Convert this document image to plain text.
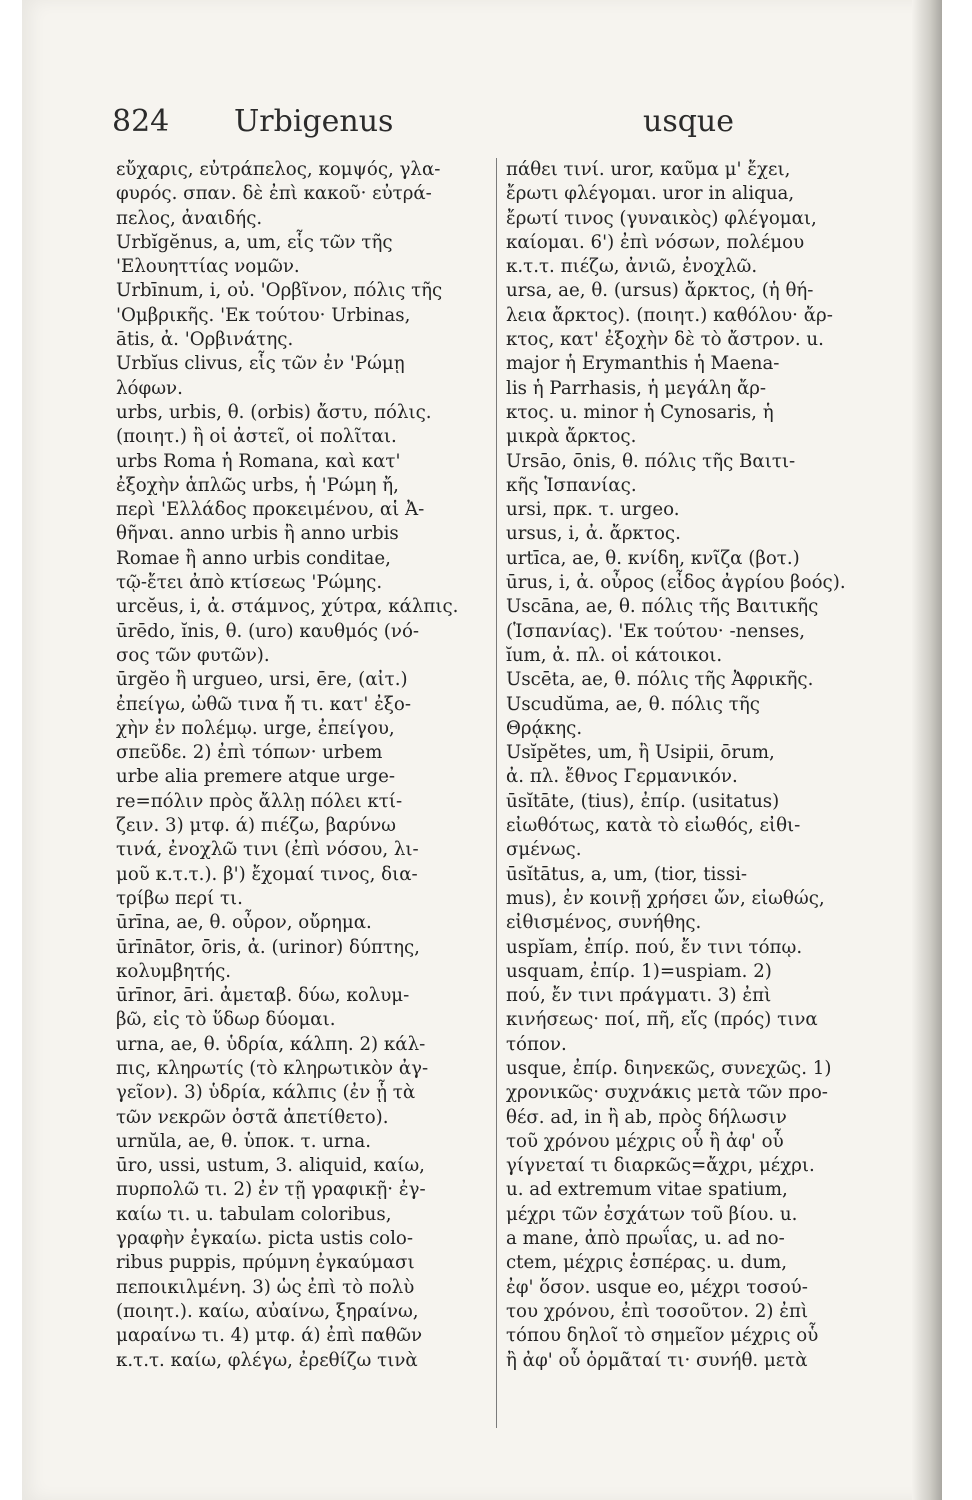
824 Urbigenus	usque
εὔχαρις, εὐτράπελος, κομψός, γλα-
φυρός. σπαν. δὲ ἐπὶ κακοῦ· εὐτρά-
πελος, ἀναιδής.
Urbĭgĕnus, a, um, εἷς τῶν τῆς
'Ελουηττίας νομῶν.
Urbīnum, i, οὐ. 'Ορβῖνον, πόλις τῆς
'Ομβρικῆς. 'Εκ τούτου· Urbinas,
ātis, ἀ. 'Ορβινάτης.
Urbĭus clivus, εἷς τῶν ἐν 'Ρώμῃ
λόφων.
urbs, urbis, θ. (orbis) ἄστυ, πόλις.
(ποιητ.) ἢ οἱ ἀστεῖ, οἱ πολῖται.
urbs Roma ἡ Romana, καὶ κατ'
ἐξοχὴν ἁπλῶς urbs, ἡ 'Ρώμη ἤ,
περὶ 'Ελλάδος προκειμένου, αἱ Ἀ-
θῆναι. anno urbis ἢ anno urbis
Romae ἢ anno urbis conditae,
τῷ-ἔτει ἀπὸ κτίσεως 'Ρώμης.
urcĕus, i, ἀ. στάμνος, χύτρα, κάλπις.
ūrēdo, ĭnis, θ. (uro) καυθμός (νό-
σος τῶν φυτῶν).
ūrgĕo ἢ urgueo, ursi, ēre, (αἰτ.)
ἐπείγω, ὠθῶ τινα ἤ τι. κατ' ἐξο-
χὴν ἐν πολέμῳ. urge, ἐπείγου,
σπεῦδε. 2) ἐπὶ τόπων· urbem
urbe alia premere atque urge-
re=πόλιν πρὸς ἄλλῃ πόλει κτί-
ζειν. 3) μτφ. ά) πιέζω, βαρύνω
τινά, ἐνοχλῶ τινι (ἐπὶ νόσου, λι-
μοῦ κ.τ.τ.). β') ἔχομαί τινος, δια-
τρίβω περί τι.
ūrīna, ae, θ. οὖρον, οὔρημα.
ūrīnātor, ōris, ἀ. (urinor) δύπτης,
κολυμβητής.
ūrīnor, āri. ἀμεταβ. δύω, κολυμ-
βῶ, εἰς τὸ ὕδωρ δύομαι.
urna, ae, θ. ὑδρία, κάλπη. 2) κάλ-
πις, κληρωτίς (τὸ κληρωτικὸν ἀγ-
γεῖον). 3) ὑδρία, κάλπις (ἐν ᾗ τὰ
τῶν νεκρῶν ὀστᾶ ἀπετίθετο).
urnŭla, ae, θ. ὑποκ. τ. urna.
ūro, ussi, ustum, 3. aliquid, καίω,
πυρπολῶ τι. 2) ἐν τῇ γραφικῇ· ἐγ-
καίω τι. u. tabulam coloribus,
γραφὴν ἐγκαίω. picta ustis colo-
ribus puppis, πρύμνη ἐγκαύμασι
πεποικιλμένη. 3) ὡς ἐπὶ τὸ πολὺ
(ποιητ.). καίω, αὐαίνω, ξηραίνω,
μαραίνω τι. 4) μτφ. ά) ἐπὶ παθῶν
κ.τ.τ. καίω, φλέγω, ἐρεθίζω τινὰ
πάθει τινί. uror, καῦμα μ' ἔχει,
ἔρωτι φλέγομαι. uror in aliqua,
ἔρωτί τινος (γυναικὸς) φλέγομαι,
καίομαι. 6') ἐπὶ νόσων, πολέμου
κ.τ.τ. πιέζω, ἀνιῶ, ἐνοχλῶ.
ursa, ae, θ. (ursus) ἄρκτος, (ἡ θή-
λεια ἄρκτος). (ποιητ.) καθόλου· ἄρ-
κτος, κατ' ἐξοχὴν δὲ τὸ ἄστρον. u.
major ἡ Erymanthis ἡ Maena-
lis ἡ Parrhasis, ἡ μεγάλη ἄρ-
κτος. u. minor ἡ Cynosaris, ἡ
μικρὰ ἄρκτος.
Ursāo, ōnis, θ. πόλις τῆς Βαιτι-
κῆς Ἱσπανίας.
ursi, πρκ. τ. urgeo.
ursus, i, ἀ. ἄρκτος.
urtīca, ae, θ. κνίδη, κνῖζα (βοτ.)
ūrus, i, ἀ. οὖρος (εἶδος ἀγρίου βοός).
Uscāna, ae, θ. πόλις τῆς Βαιτικῆς
(Ἱσπανίας). 'Εκ τούτου· -nenses,
ĭum, ἀ. πλ. οἱ κάτοικοι.
Uscēta, ae, θ. πόλις τῆς Ἀφρικῆς.
Uscudŭma, ae, θ. πόλις τῆς
Θρᾴκης.
Usĭpĕtes, um, ἢ Usipii, ōrum,
ἀ. πλ. ἔθνος Γερμανικόν.
ūsĭtāte, (tius), ἐπίρ. (usitatus)
εἰωθότως, κατὰ τὸ εἰωθός, εἰθι-
σμένως.
ūsĭtātus, a, um, (tior, tissi-
mus), ἐν κοινῇ χρήσει ὤν, εἰωθώς,
εἰθισμένος, συνήθης.
uspĭam, ἐπίρ. πού, ἔν τινι τόπῳ.
usquam, ἐπίρ. 1)=uspiam. 2)
πού, ἔν τινι πράγματι. 3) ἐπὶ
κινήσεως· ποί, πῆ, εἴς (πρός) τινα
τόπον.
usque, ἐπίρ. διηνεκῶς, συνεχῶς. 1)
χρονικῶς· συχνάκις μετὰ τῶν προ-
θέσ. ad, in ἢ ab, πρὸς δήλωσιν
τοῦ χρόνου μέχρις οὗ ἢ ἀφ' οὗ
γίγνεταί τι διαρκῶς=ἄχρι, μέχρι.
u. ad extremum vitae spatium,
μέχρι τῶν ἐσχάτων τοῦ βίου. u.
a mane, ἀπὸ πρωΐας, u. ad no-
ctem, μέχρις ἑσπέρας. u. dum,
ἐφ' ὅσον. usque eo, μέχρι τοσού-
του χρόνου, ἐπὶ τοσοῦτον. 2) ἐπὶ
τόπου δηλοῖ τὸ σημεῖον μέχρις οὗ
ἢ ἀφ' οὗ ὁρμᾶταί τι· συνήθ. μετὰ
